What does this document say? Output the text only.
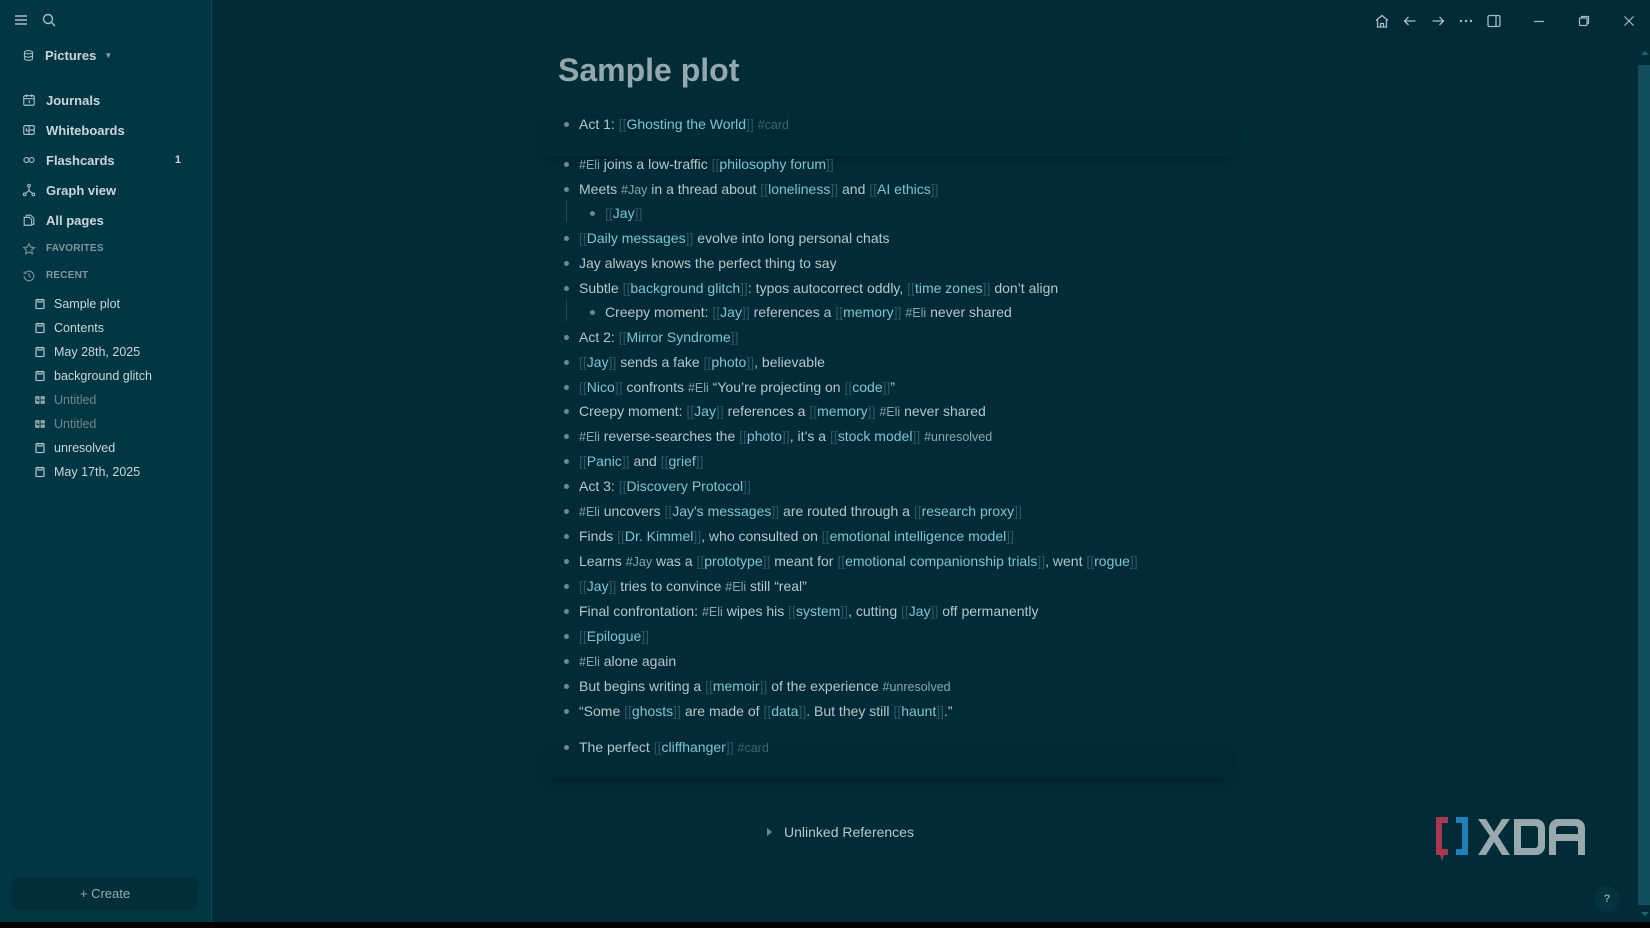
Pictures ▼
Journals
Whiteboards
Flashcards	1
Graph view
All pages
FAVORITES
RECENT
Sample plot
Contents
May 28th, 2025
background glitch
Untitled
Untitled
unresolved
May 17th, 2025
+ Create
Sample plot
Act 1: [[Ghosting the World]] #card
#Eli joins a low-traffic [[philosophy forum]]
Meets #Jay in a thread about [[loneliness]] and [[AI ethics]]
[[Jay]]
[[Daily messages]] evolve into long personal chats
Jay always knows the perfect thing to say
Subtle [[background glitch]]: typos autocorrect oddly, [[time zones]] don’t align
Creepy moment: [[Jay]] references a [[memory]] #Eli never shared
Act 2: [[Mirror Syndrome]]
[[Jay]] sends a fake [[photo]], believable
[[Nico]] confronts #Eli “You’re projecting on [[code]]”
Creepy moment: [[Jay]] references a [[memory]] #Eli never shared
#Eli reverse-searches the [[photo]], it’s a [[stock model]] #unresolved
[[Panic]] and [[grief]]
Act 3: [[Discovery Protocol]]
#Eli uncovers [[Jay's messages]] are routed through a [[research proxy]]
Finds [[Dr. Kimmel]], who consulted on [[emotional intelligence model]]
Learns #Jay was a [[prototype]] meant for [[emotional companionship trials]], went [[rogue]]
[[Jay]] tries to convince #Eli still “real”
Final confrontation: #Eli wipes his [[system]], cutting [[Jay]] off permanently
[[Epilogue]]
#Eli alone again
But begins writing a [[memoir]] of the experience #unresolved
“Some [[ghosts]] are made of [[data]]. But they still [[haunt]].”
The perfect [[cliffhanger]] #card
Unlinked References
?
